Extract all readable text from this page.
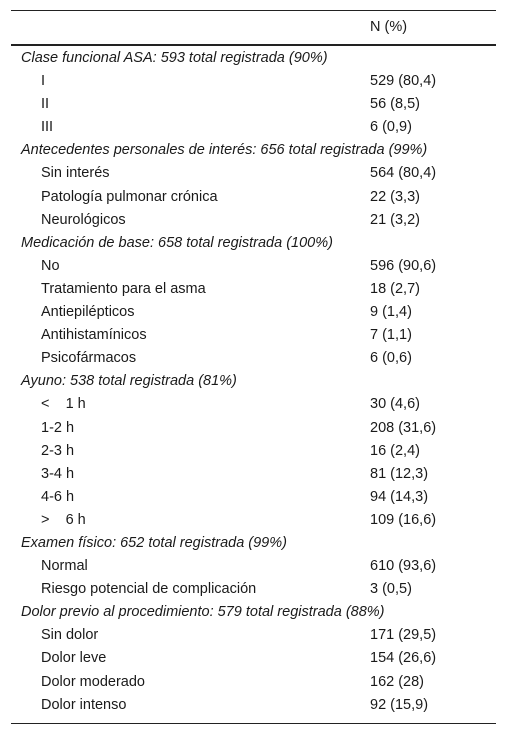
N (%)
Clase funcional ASA: 593 total registrada (90%)
I	529 (80,4)
II	56 (8,5)
III	6 (0,9)
Antecedentes personales de interés: 656 total registrada (99%)
Sin interés	564 (80,4)
Patología pulmonar crónica	22 (3,3)
Neurológicos	21 (3,2)
Medicación de base: 658 total registrada (100%)
No	596 (90,6)
Tratamiento para el asma	18 (2,7)
Antiepilépticos	9 (1,4)
Antihistamínicos	7 (1,1)
Psicofármacos	6 (0,6)
Ayuno: 538 total registrada (81%)
<    1 h	30 (4,6)
1-2 h	208 (31,6)
2-3 h	16 (2,4)
3-4 h	81 (12,3)
4-6 h	94 (14,3)
>    6 h	109 (16,6)
Examen físico: 652 total registrada (99%)
Normal	610 (93,6)
Riesgo potencial de complicación	3 (0,5)
Dolor previo al procedimiento: 579 total registrada (88%)
Sin dolor	171 (29,5)
Dolor leve	154 (26,6)
Dolor moderado	162 (28)
Dolor intenso	92 (15,9)
